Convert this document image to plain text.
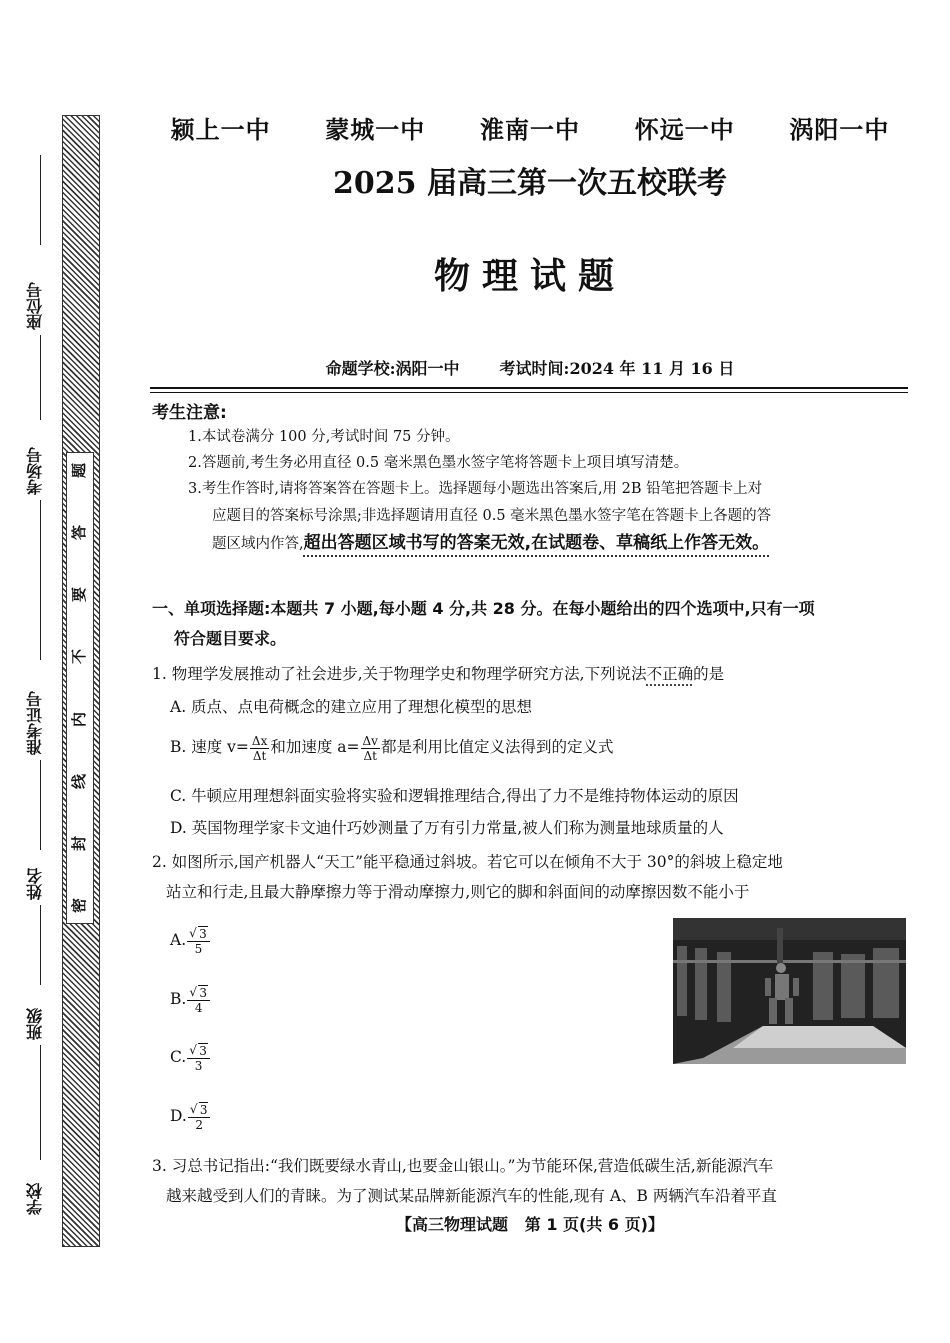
座位号
考场号
准考证号
姓名
班级
学校
题
答
要
不
内
线
封
密
颍上一中  蒙城一中  淮南一中  怀远一中  涡阳一中
2025 届高三第一次五校联考
物理试题
命题学校:涡阳一中	考试时间:2024 年 11 月 16 日
考生注意:
1.本试卷满分 100 分,考试时间 75 分钟。
2.答题前,考生务必用直径 0.5 毫米黑色墨水签字笔将答题卡上项目填写清楚。
3.考生作答时,请将答案答在答题卡上。选择题每小题选出答案后,用 2B 铅笔把答题卡上对
应题目的答案标号涂黑;非选择题请用直径 0.5 毫米黑色墨水签字笔在答题卡上各题的答
题区域内作答,超出答题区域书写的答案无效,在试题卷、草稿纸上作答无效。
一、单项选择题:本题共 7 小题,每小题 4 分,共 28 分。在每小题给出的四个选项中,只有一项
符合题目要求。
1. 物理学发展推动了社会进步,关于物理学史和物理学研究方法,下列说法不正确的是
A. 质点、点电荷概念的建立应用了理想化模型的思想
B. 速度 $v= \frac{\Delta x}{\Delta t}$ 和加速度 $a= \frac{\Delta v}{\Delta t}$ 都是利用比值定义法得到的定义式
C. 牛顿应用理想斜面实验将实验和逻辑推理结合,得出了力不是维持物体运动的原因
D. 英国物理学家卡文迪什巧妙测量了万有引力常量,被人们称为测量地球质量的人
2. 如图所示,国产机器人“天工”能平稳通过斜坡。若它可以在倾角不大于 30°的斜坡上稳定地
站立和行走,且最大静摩擦力等于滑动摩擦力,则它的脚和斜面间的动摩擦因数不能小于
A. √ $\frac{3}{5}$
B. √ $\frac{3}{4}$
C. √ $\frac{3}{3}$
D. √ $\frac{3}{2}$
3. 习总书记指出:“我们既要绿水青山,也要金山银山。”为节能环保,营造低碳生活,新能源汽车
越来越受到人们的青睐。为了测试某品牌新能源汽车的性能,现有 A、B 两辆汽车沿着平直
【高三物理试题   第 1 页(共 6 页)】
